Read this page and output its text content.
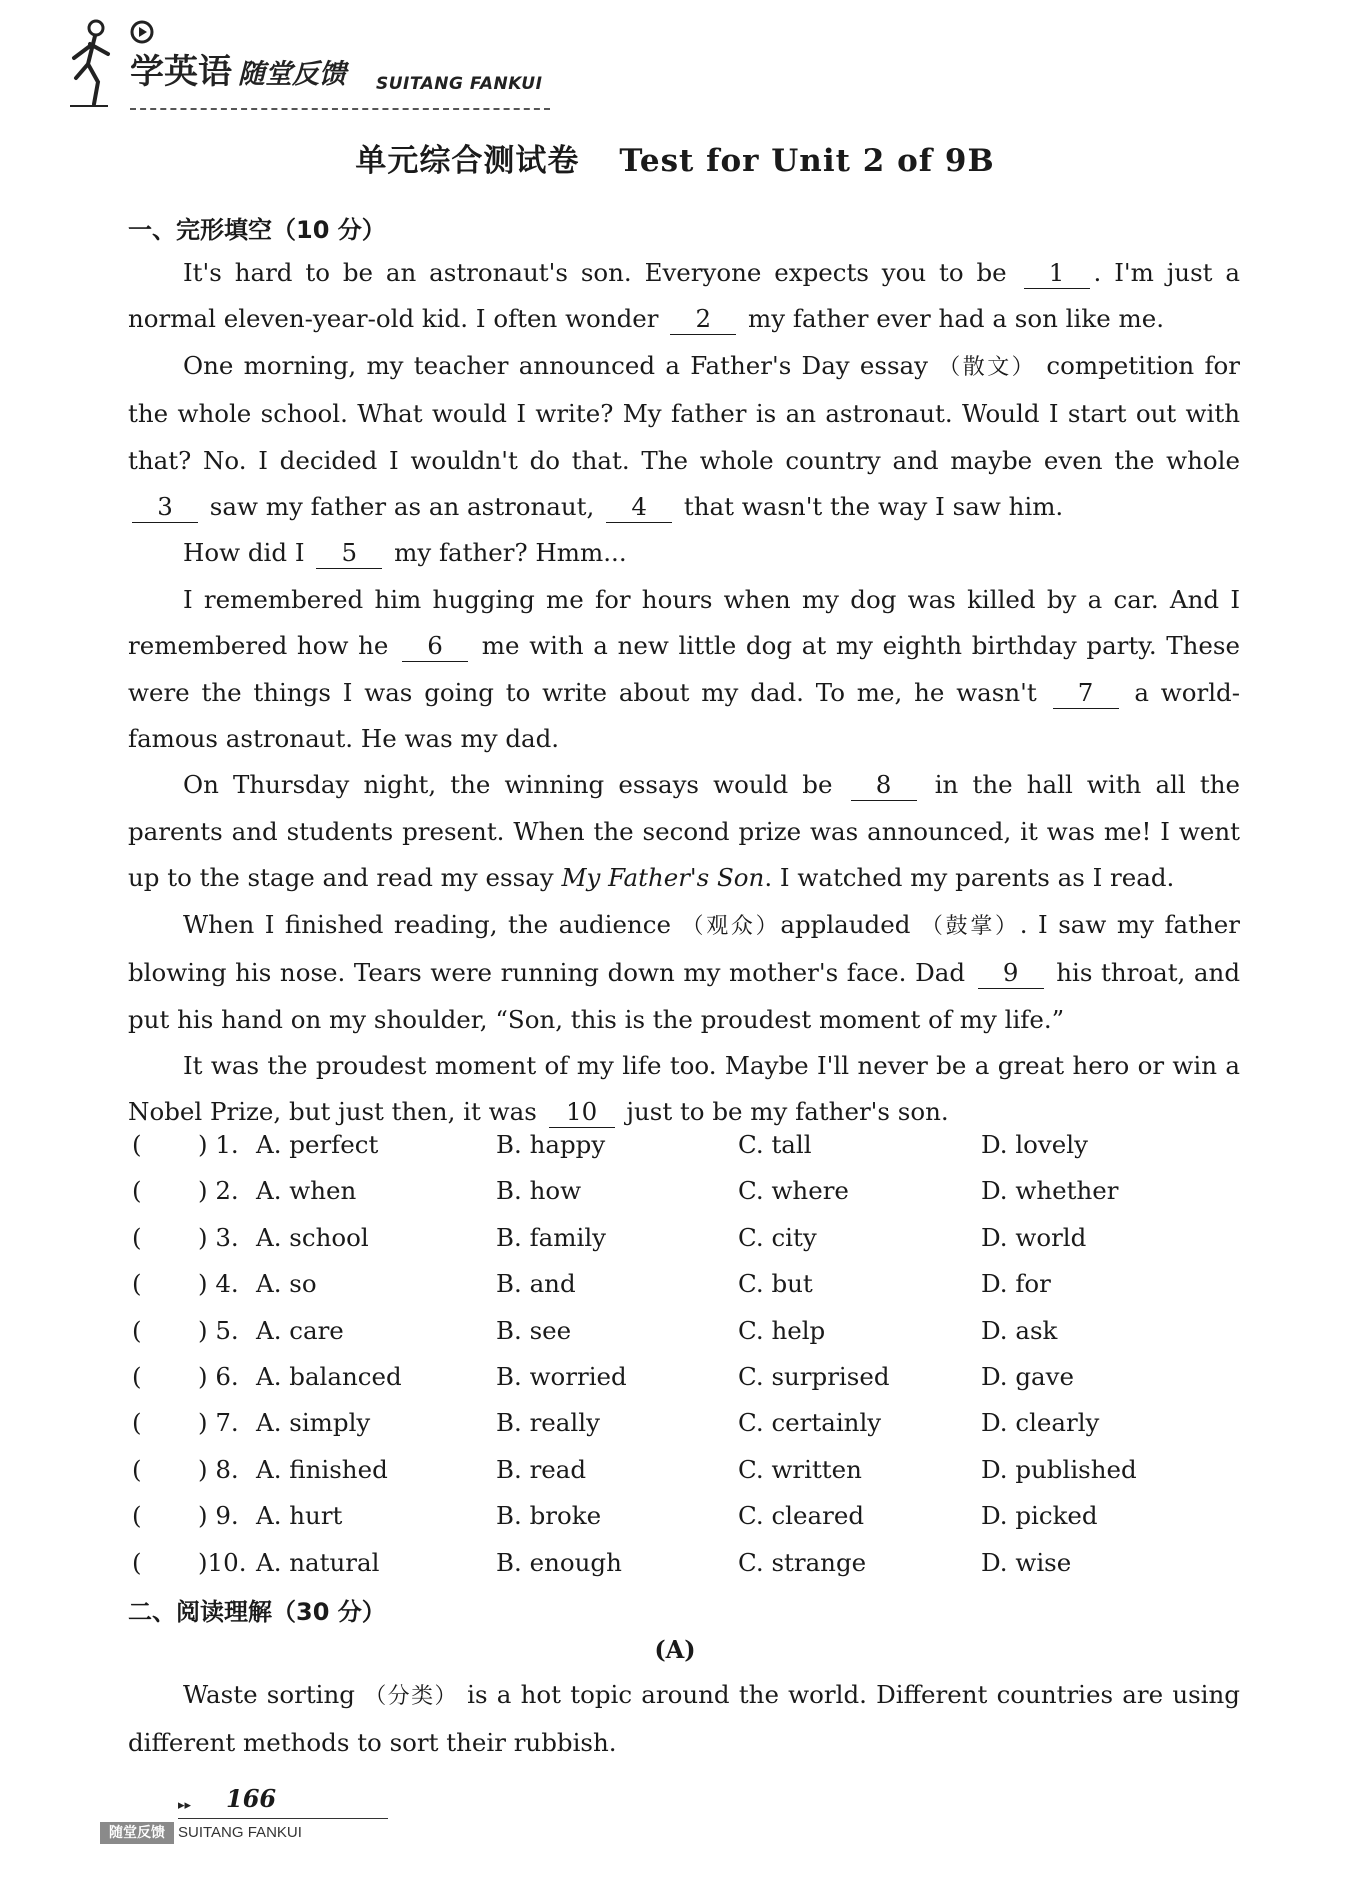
学英语 随堂反馈 SUITANG FANKUI
单元综合测试卷 Test for Unit 2 of 9B
一、完形填空（10 分）

It's hard to be an astronaut's son. Everyone expects you to be 1 . I'm just a normal eleven-year-old kid. I often wonder 2 my father ever had a son like me.

One morning, my teacher announced a Father's Day essay （散文） competition for the whole school. What would I write? My father is an astronaut. Would I start out with that? No. I decided I wouldn't do that. The whole country and maybe even the whole 3 saw my father as an astronaut, 4 that wasn't the way I saw him.

How did I 5 my father? Hmm...

I remembered him hugging me for hours when my dog was killed by a car. And I remembered how he 6 me with a new little dog at my eighth birthday party. These were the things I was going to write about my dad. To me, he wasn't 7 a world-famous astronaut. He was my dad.

On Thursday night, the winning essays would be 8 in the hall with all the parents and students present. When the second prize was announced, it was me! I went up to the stage and read my essay My Father's Son. I watched my parents as I read.

When I finished reading, the audience （观众）applauded （鼓掌）. I saw my father blowing his nose. Tears were running down my mother's face. Dad 9 his throat, and put his hand on my shoulder, “Son, this is the proudest moment of my life.”

It was the proudest moment of my life too. Maybe I'll never be a great hero or win a Nobel Prize, but just then, it was 10 just to be my father's son.

( ) 1. A. perfect	B. happy	C. tall	D. lovely
( ) 2. A. when	B. how	C. where	D. whether
( ) 3. A. school	B. family	C. city	D. world
( ) 4. A. so	B. and	C. but	D. for
( ) 5. A. care	B. see	C. help	D. ask
( ) 6. A. balanced	B. worried	C. surprised	D. gave
( ) 7. A. simply	B. really	C. certainly	D. clearly
( ) 8. A. finished	B. read	C. written	D. published
( ) 9. A. hurt	B. broke	C. cleared	D. picked
( )10. A. natural	B. enough	C. strange	D. wise
二、阅读理解（30 分）
(A)

Waste sorting （分类） is a hot topic around the world. Different countries are using different methods to sort their rubbish.

▸▸ 166
随堂反馈 SUITANG FANKUI
